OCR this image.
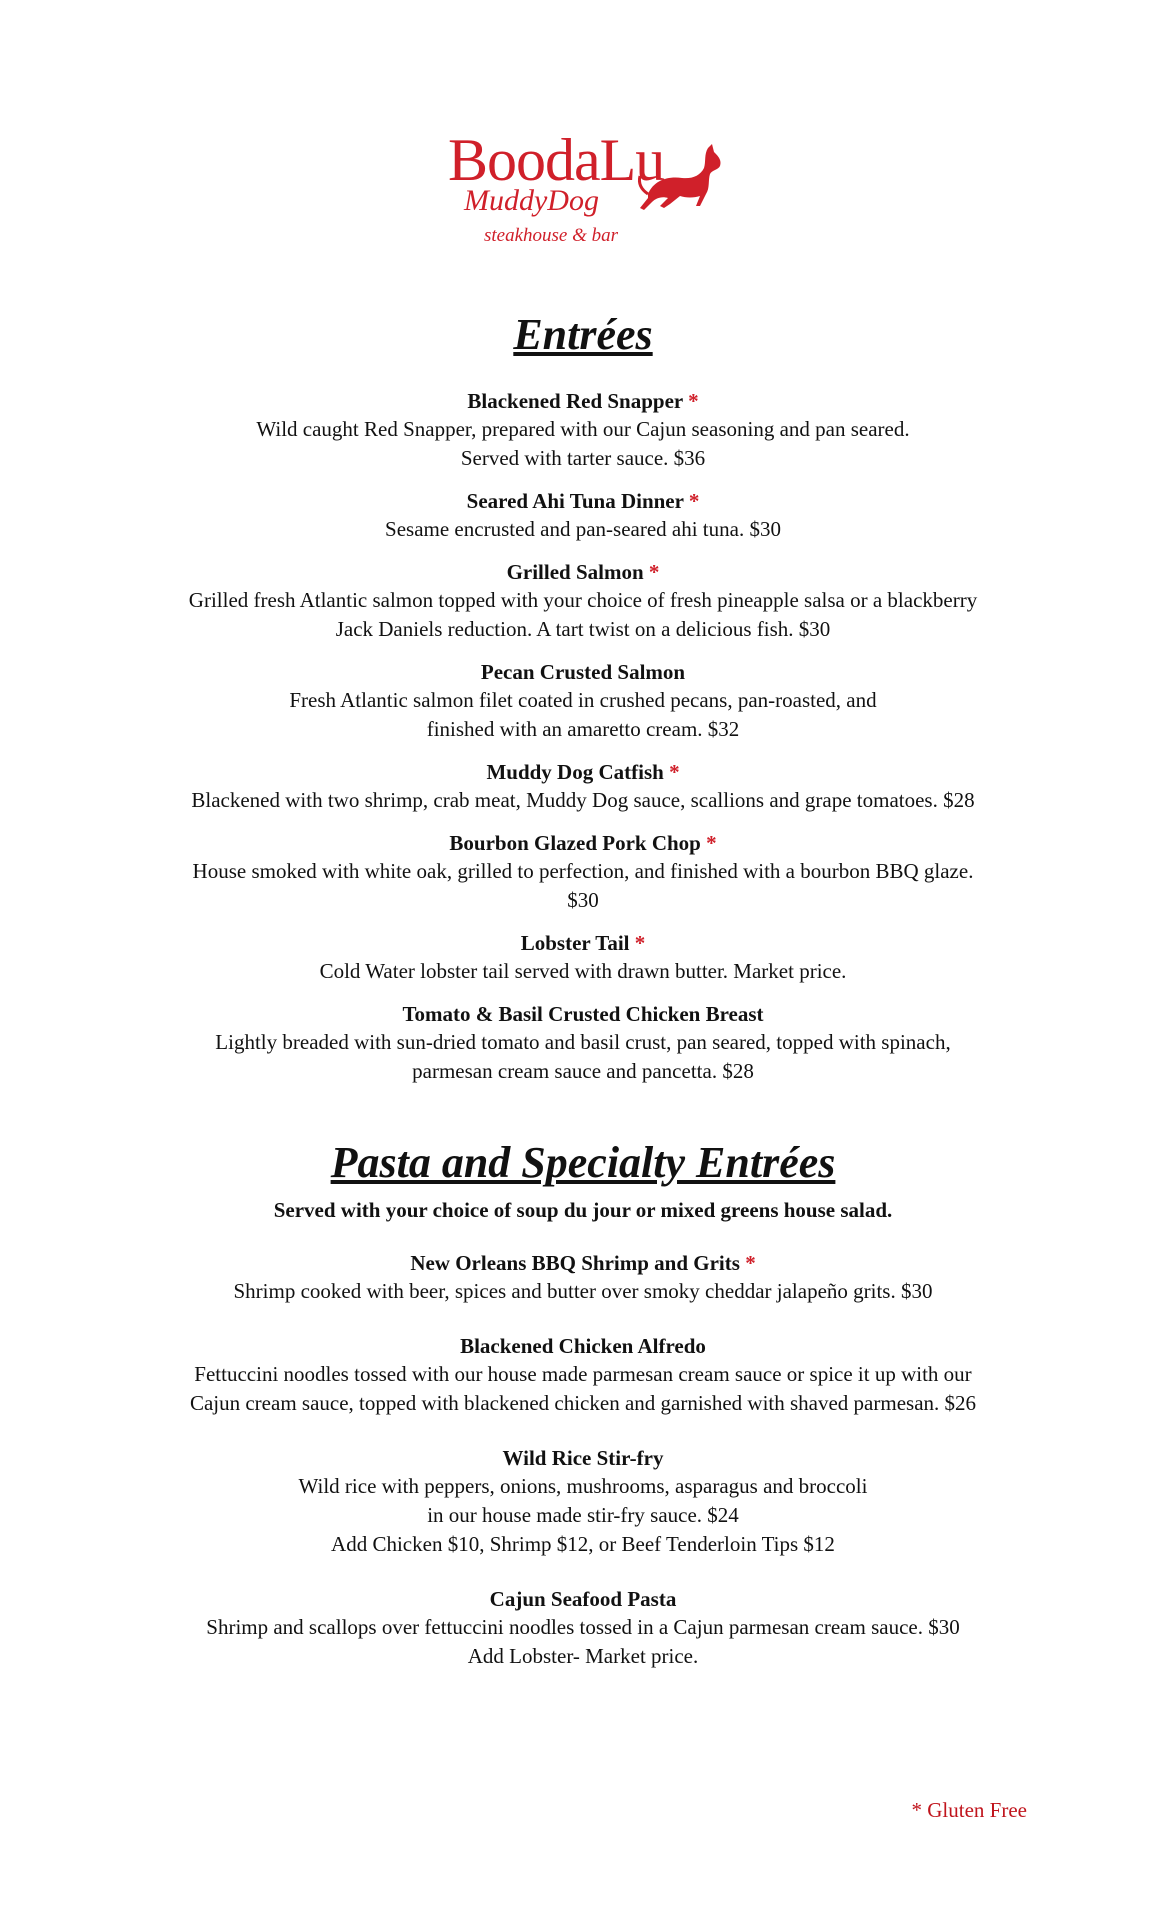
BoodaLu
MuddyDog
steakhouse & bar
Entrées
Blackened Red Snapper *
Wild caught Red Snapper, prepared with our Cajun seasoning and pan seared.
Served with tarter sauce. $36
Seared Ahi Tuna Dinner *
Sesame encrusted and pan-seared ahi tuna. $30
Grilled Salmon *
Grilled fresh Atlantic salmon topped with your choice of fresh pineapple salsa or a blackberry
Jack Daniels reduction. A tart twist on a delicious fish. $30
Pecan Crusted Salmon
Fresh Atlantic salmon filet coated in crushed pecans, pan-roasted, and
finished with an amaretto cream. $32
Muddy Dog Catfish *
Blackened with two shrimp, crab meat, Muddy Dog sauce, scallions and grape tomatoes. $28
Bourbon Glazed Pork Chop *
House smoked with white oak, grilled to perfection, and finished with a bourbon BBQ glaze.
$30
Lobster Tail *
Cold Water lobster tail served with drawn butter. Market price.
Tomato & Basil Crusted Chicken Breast
Lightly breaded with sun-dried tomato and basil crust, pan seared, topped with spinach,
parmesan cream sauce and pancetta. $28
Pasta and Specialty Entrées
Served with your choice of soup du jour or mixed greens house salad.
New Orleans BBQ Shrimp and Grits *
Shrimp cooked with beer, spices and butter over smoky cheddar jalapeño grits. $30
Blackened Chicken Alfredo
Fettuccini noodles tossed with our house made parmesan cream sauce or spice it up with our
Cajun cream sauce, topped with blackened chicken and garnished with shaved parmesan. $26
Wild Rice Stir-fry
Wild rice with peppers, onions, mushrooms, asparagus and broccoli
in our house made stir-fry sauce. $24
Add Chicken $10, Shrimp $12, or Beef Tenderloin Tips $12
Cajun Seafood Pasta
Shrimp and scallops over fettuccini noodles tossed in a Cajun parmesan cream sauce. $30
Add Lobster- Market price.
* Gluten Free
